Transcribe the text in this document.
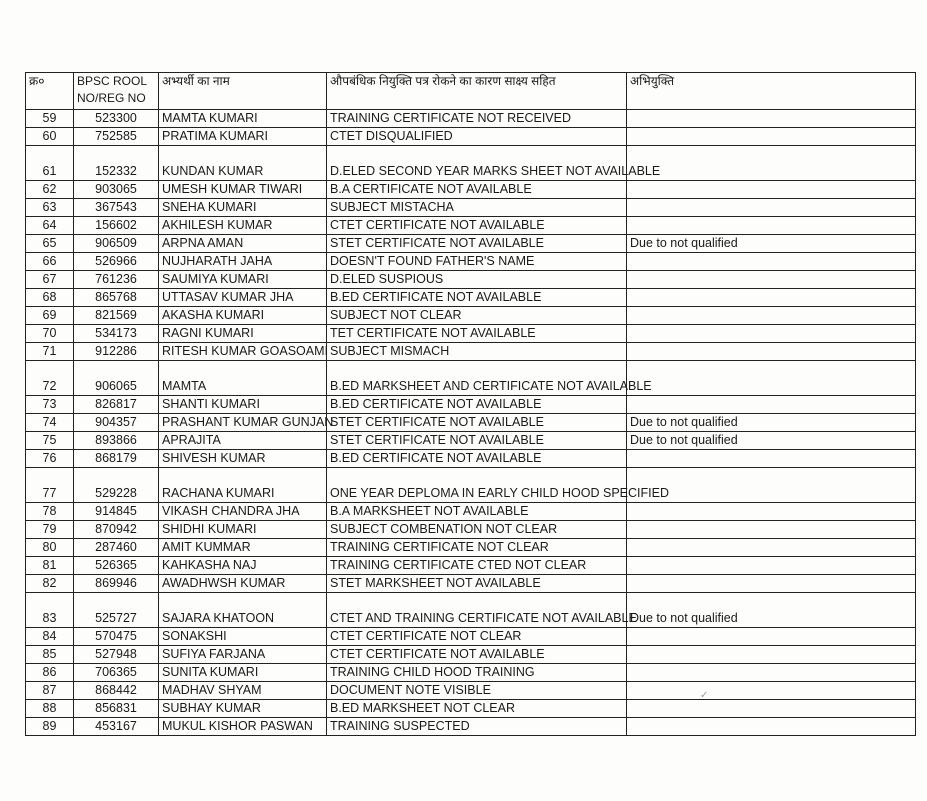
क्र०	BPSC ROOL NO/REG NO	अभ्यर्थी का नाम	औपबंधिक नियुक्ति पत्र रोकने का कारण साक्ष्य सहित	अभियुक्ति
59	523300	MAMTA KUMARI	TRAINING CERTIFICATE NOT RECEIVED	
60	752585	PRATIMA KUMARI	CTET DISQUALIFIED	
61	152332	KUNDAN KUMAR	D.ELED SECOND YEAR MARKS SHEET NOT AVAILABLE	
62	903065	UMESH KUMAR TIWARI	B.A CERTIFICATE NOT AVAILABLE	
63	367543	SNEHA KUMARI	SUBJECT MISTACHA	
64	156602	AKHILESH KUMAR	CTET CERTIFICATE NOT AVAILABLE	
65	906509	ARPNA AMAN	STET CERTIFICATE NOT AVAILABLE	Due to not qualified
66	526966	NUJHARATH JAHA	DOESN'T FOUND FATHER'S NAME	
67	761236	SAUMIYA KUMARI	D.ELED SUSPIOUS	
68	865768	UTTASAV KUMAR JHA	B.ED CERTIFICATE NOT AVAILABLE	
69	821569	AKASHA KUMARI	SUBJECT NOT CLEAR	
70	534173	RAGNI KUMARI	TET CERTIFICATE NOT AVAILABLE	
71	912286	RITESH KUMAR GOASOAMI	SUBJECT MISMACH	
72	906065	MAMTA	B.ED MARKSHEET AND CERTIFICATE NOT AVAILABLE	
73	826817	SHANTI KUMARI	B.ED CERTIFICATE NOT AVAILABLE	
74	904357	PRASHANT KUMAR GUNJAN	STET CERTIFICATE NOT AVAILABLE	Due to not qualified
75	893866	APRAJITA	STET CERTIFICATE NOT AVAILABLE	Due to not qualified
76	868179	SHIVESH KUMAR	B.ED CERTIFICATE NOT AVAILABLE	
77	529228	RACHANA KUMARI	ONE YEAR DEPLOMA IN EARLY CHILD HOOD SPECIFIED	
78	914845	VIKASH CHANDRA JHA	B.A MARKSHEET NOT AVAILABLE	
79	870942	SHIDHI KUMARI	SUBJECT COMBENATION NOT CLEAR	
80	287460	AMIT KUMMAR	TRAINING CERTIFICATE NOT CLEAR	
81	526365	KAHKASHA NAJ	TRAINING CERTIFICATE CTED NOT CLEAR	
82	869946	AWADHWSH KUMAR	STET MARKSHEET NOT AVAILABLE	
83	525727	SAJARA KHATOON	CTET AND TRAINING CERTIFICATE NOT AVAILABLE	Due to not qualified
84	570475	SONAKSHI	CTET CERTIFICATE NOT CLEAR	
85	527948	SUFIYA FARJANA	CTET CERTIFICATE NOT AVAILABLE	
86	706365	SUNITA KUMARI	TRAINING CHILD HOOD TRAINING	
87	868442	MADHAV SHYAM	DOCUMENT NOTE VISIBLE	
88	856831	SUBHAY KUMAR	B.ED MARKSHEET NOT CLEAR	
89	453167	MUKUL KISHOR PASWAN	TRAINING SUSPECTED	
✓
